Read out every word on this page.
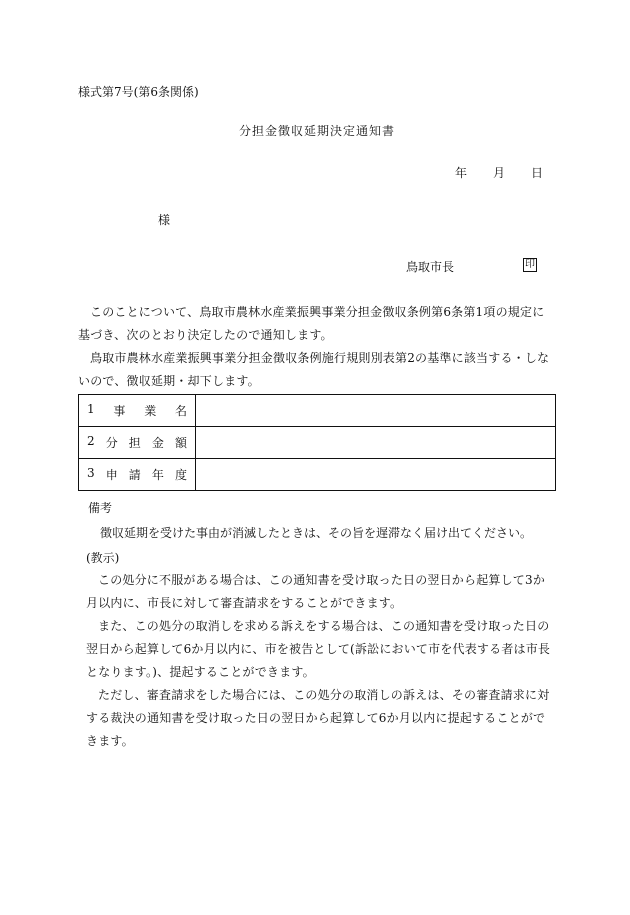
様式第7号(第6条関係)
分担金徴収延期決定通知書
年 月 日
様
鳥取市長	印
このことについて、鳥取市農林水産業振興事業分担金徴収条例第6条第1項の規定に基づき、次のとおり決定したので通知します。
鳥取市農林水産業振興事業分担金徴収条例施行規則別表第2の基準に該当する・しないので、徴収延期・却下します。
1 事 業 名	

2 分 担 金 額	

3 申 請 年 度	

備考
徴収延期を受けた事由が消滅したときは、その旨を遅滞なく届け出てください。
(教示)
この処分に不服がある場合は、この通知書を受け取った日の翌日から起算して3か月以内に、市長に対して審査請求をすることができます。
また、この処分の取消しを求める訴えをする場合は、この通知書を受け取った日の翌日から起算して6か月以内に、市を被告として(訴訟において市を代表する者は市長となります。)、提起することができます。
ただし、審査請求をした場合には、この処分の取消しの訴えは、その審査請求に対する裁決の通知書を受け取った日の翌日から起算して6か月以内に提起することができます。
